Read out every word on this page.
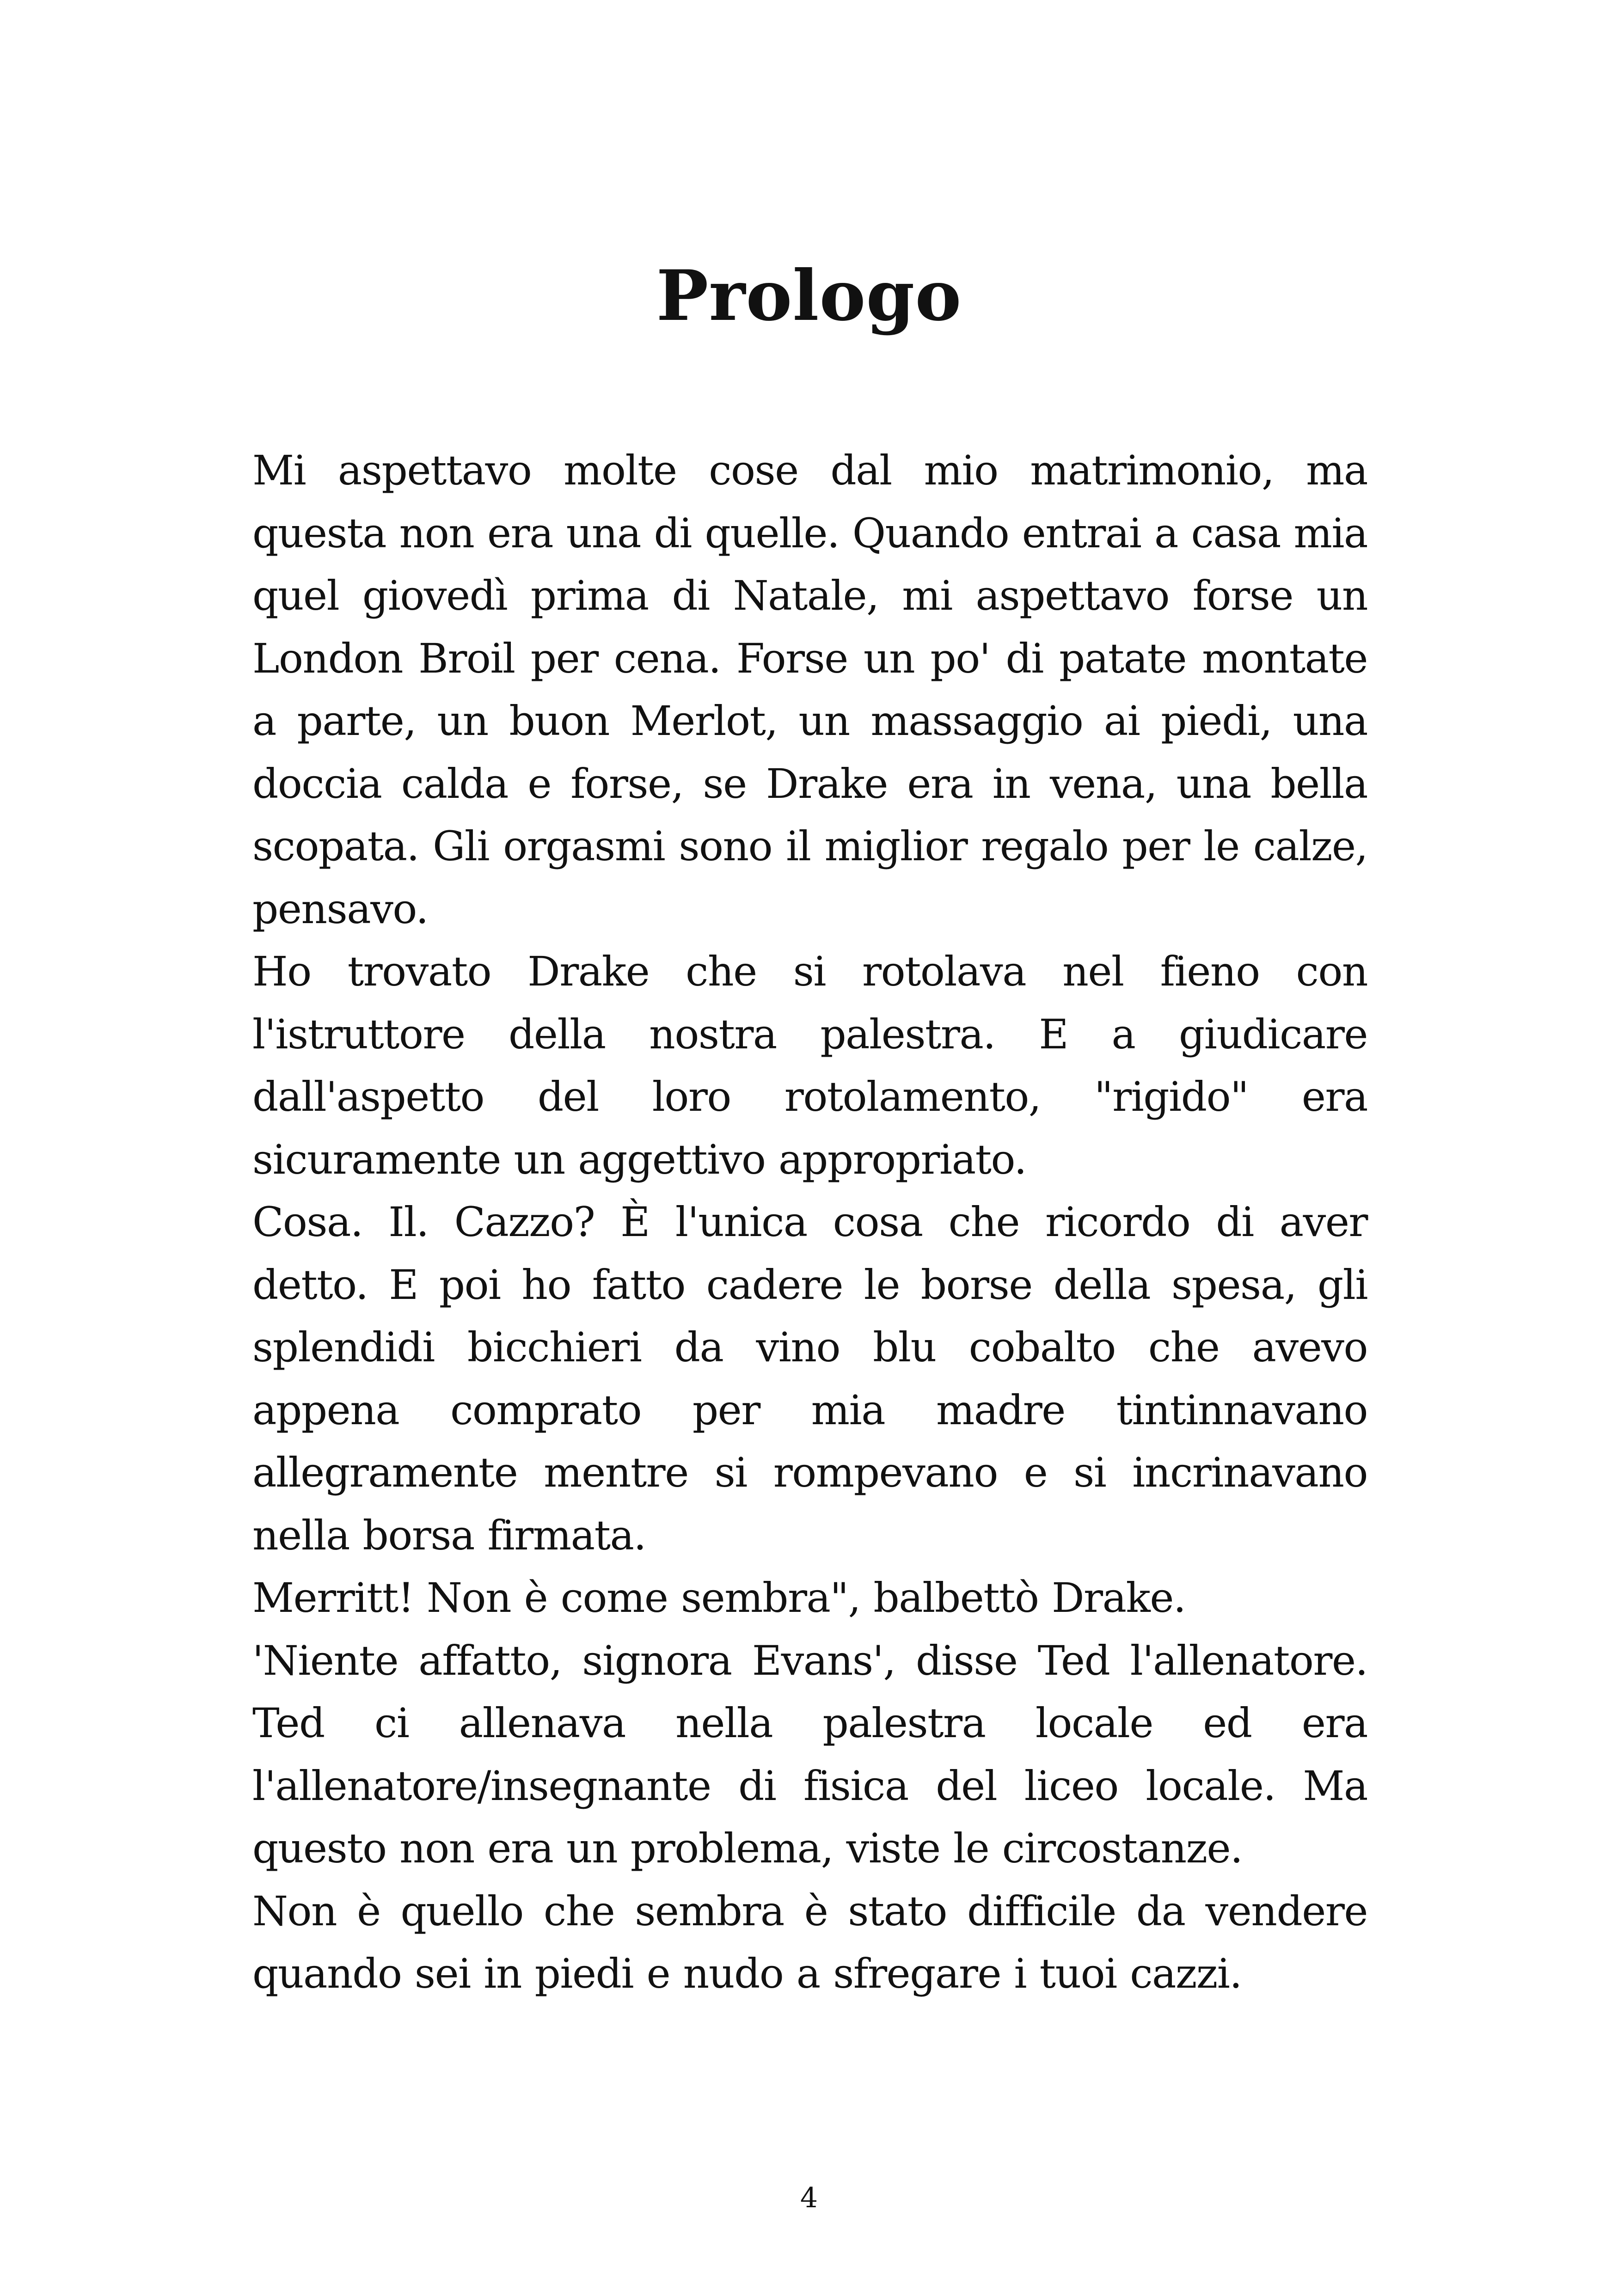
Prologo

Mi aspettavo molte cose dal mio matrimonio, ma questa non era una di quelle. Quando entrai a casa mia quel giovedì prima di Natale, mi aspettavo forse un London Broil per cena. Forse un po' di patate montate a parte, un buon Merlot, un massaggio ai piedi, una doccia calda e forse, se Drake era in vena, una bella scopata. Gli orgasmi sono il miglior regalo per le calze, pensavo.

Ho trovato Drake che si rotolava nel fieno con l'istruttore della nostra palestra. E a giudicare dall'aspetto del loro rotolamento, "rigido" era sicuramente un aggettivo appropriato.

Cosa. Il. Cazzo? È l'unica cosa che ricordo di aver detto. E poi ho fatto cadere le borse della spesa, gli splendidi bicchieri da vino blu cobalto che avevo appena comprato per mia madre tintinnavano allegramente mentre si rompevano e si incrinavano nella borsa firmata.

Merritt! Non è come sembra", balbettò Drake.

'Niente affatto, signora Evans', disse Ted l'allenatore. Ted ci allenava nella palestra locale ed era l'allenatore/insegnante di fisica del liceo locale. Ma questo non era un problema, viste le circostanze.

Non è quello che sembra è stato difficile da vendere quando sei in piedi e nudo a sfregare i tuoi cazzi.

4
